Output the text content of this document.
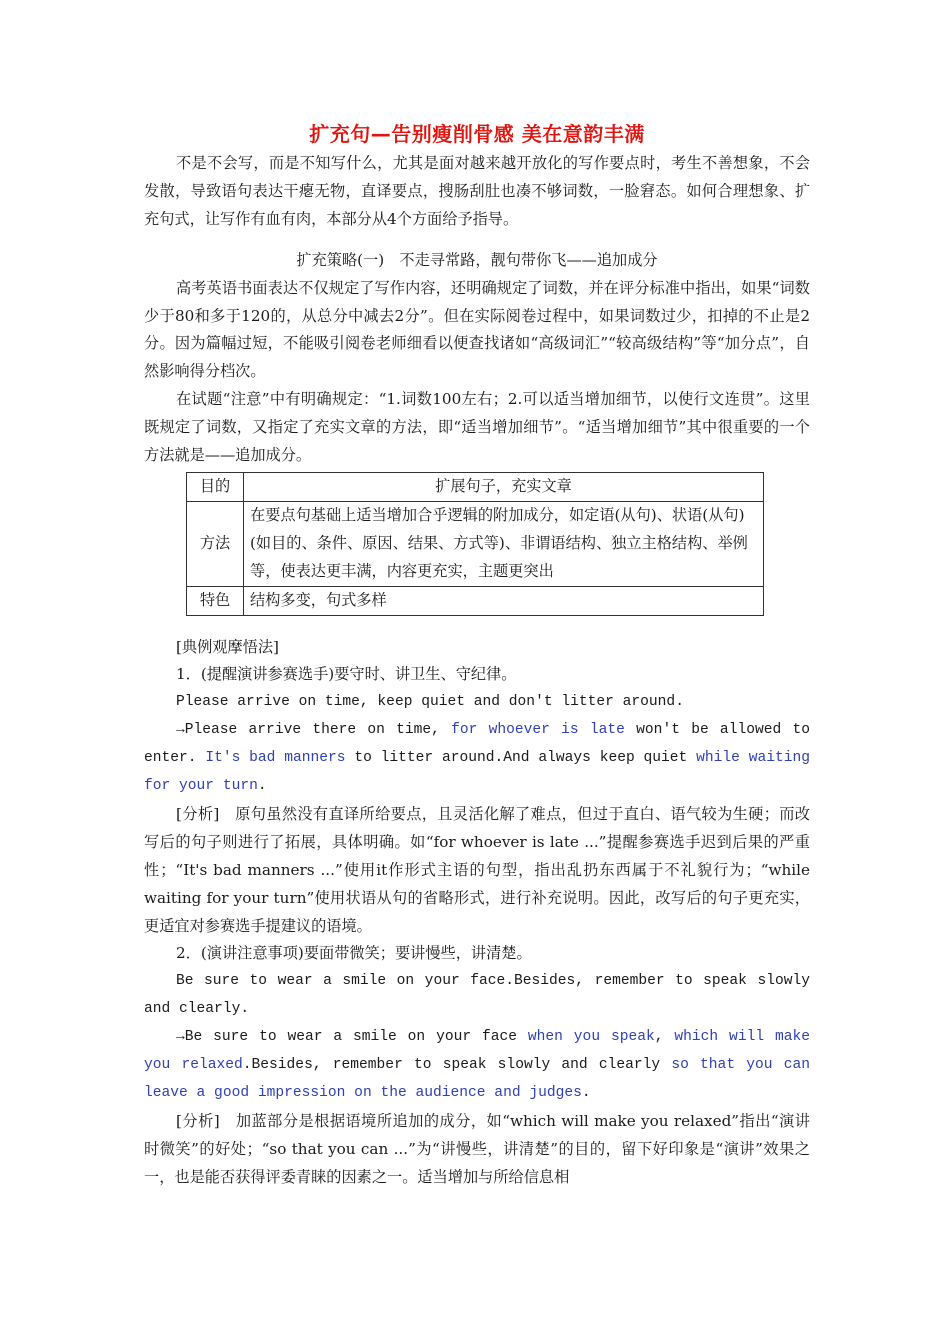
扩充句—告别瘦削骨感 美在意韵丰满

不是不会写，而是不知写什么，尤其是面对越来越开放化的写作要点时，考生不善想象，不会发散，导致语句表达干瘪无物，直译要点，搜肠刮肚也凑不够词数，一脸窘态。如何合理想象、扩充句式，让写作有血有肉，本部分从4个方面给予指导。

扩充策略(一)　不走寻常路，靓句带你飞——追加成分

高考英语书面表达不仅规定了写作内容，还明确规定了词数，并在评分标准中指出，如果“词数少于80和多于120的，从总分中减去2分”。但在实际阅卷过程中，如果词数过少，扣掉的不止是2分。因为篇幅过短，不能吸引阅卷老师细看以便查找诸如“高级词汇”“较高级结构”等“加分点”，自然影响得分档次。

在试题“注意”中有明确规定：“1.词数100左右；2.可以适当增加细节，以使行文连贯”。这里既规定了词数，又指定了充实文章的方法，即“适当增加细节”。“适当增加细节”其中很重要的一个方法就是——追加成分。

目的	扩展句子，充实文章
方法	在要点句基础上适当增加合乎逻辑的附加成分，如定语(从句)、状语(从句)(如目的、条件、原因、结果、方式等)、非谓语结构、独立主格结构、举例等，使表达更丰满，内容更充实，主题更突出
特色	结构多变，句式多样

[典例观摩悟法]

1．(提醒演讲参赛选手)要守时、讲卫生、守纪律。

Please arrive on time, keep quiet and don't litter around.

→Please arrive there on time, for whoever is late won't be allowed to enter. It's bad manners to litter around.And always keep quiet while waiting for your turn.

[分析]　原句虽然没有直译所给要点，且灵活化解了难点，但过于直白、语气较为生硬；而改写后的句子则进行了拓展，具体明确。如“for whoever is late ...”提醒参赛选手迟到后果的严重性；“It's bad manners ...”使用it作形式主语的句型，指出乱扔东西属于不礼貌行为；“while waiting for your turn”使用状语从句的省略形式，进行补充说明。因此，改写后的句子更充实，更适宜对参赛选手提建议的语境。

2．(演讲注意事项)要面带微笑；要讲慢些，讲清楚。

Be sure to wear a smile on your face.Besides, remember to speak slowly and clearly.

→Be sure to wear a smile on your face when you speak, which will make you relaxed.Besides, remember to speak slowly and clearly so that you can leave a good impression on the audience and judges.

[分析]　加蓝部分是根据语境所追加的成分，如“which will make you relaxed”指出“演讲时微笑”的好处；“so that you can ...”为“讲慢些，讲清楚”的目的，留下好印象是“演讲”效果之一，也是能否获得评委青睐的因素之一。适当增加与所给信息相
